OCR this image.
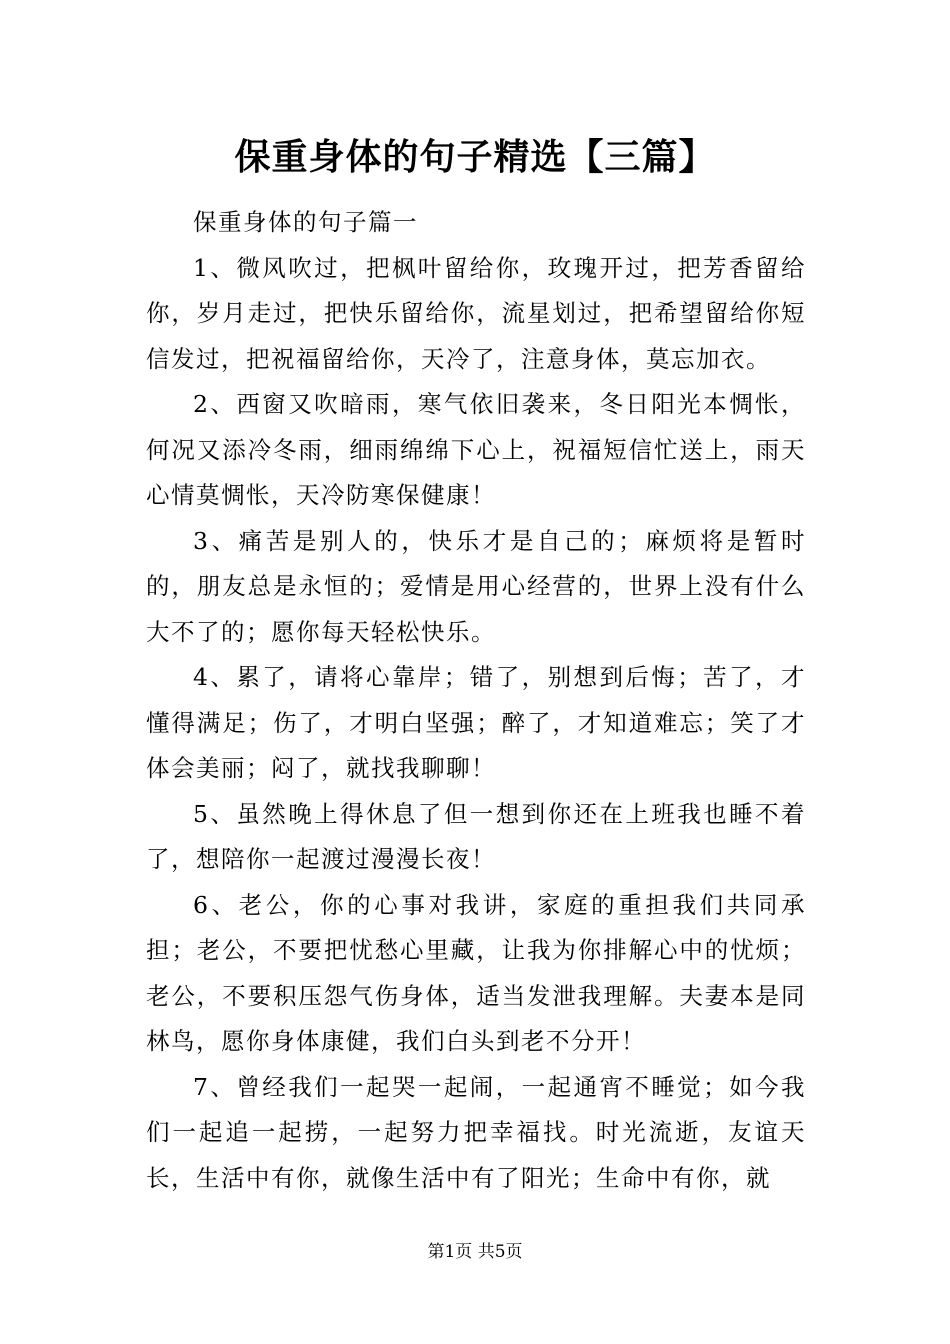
保重身体的句子精选【三篇】

保重身体的句子篇一

1、微风吹过，把枫叶留给你，玫瑰开过，把芳香留给你，岁月走过，把快乐留给你，流星划过，把希望留给你短信发过，把祝福留给你，天冷了，注意身体，莫忘加衣。

2、西窗又吹暗雨，寒气依旧袭来，冬日阳光本惆怅，何况又添冷冬雨，细雨绵绵下心上，祝福短信忙送上，雨天心情莫惆怅，天冷防寒保健康！

3、痛苦是别人的，快乐才是自己的；麻烦将是暂时的，朋友总是永恒的；爱情是用心经营的，世界上没有什么大不了的；愿你每天轻松快乐。

4、累了，请将心靠岸；错了，别想到后悔；苦了，才懂得满足；伤了，才明白坚强；醉了，才知道难忘；笑了才体会美丽；闷了，就找我聊聊！

5、虽然晚上得休息了但一想到你还在上班我也睡不着了，想陪你一起渡过漫漫长夜！

6、老公，你的心事对我讲，家庭的重担我们共同承担；老公，不要把忧愁心里藏，让我为你排解心中的忧烦；老公，不要积压怨气伤身体，适当发泄我理解。夫妻本是同林鸟，愿你身体康健，我们白头到老不分开！

7、曾经我们一起哭一起闹，一起通宵不睡觉；如今我们一起追一起捞，一起努力把幸福找。时光流逝，友谊天长，生活中有你，就像生活中有了阳光；生命中有你，就

第1页 共5页
